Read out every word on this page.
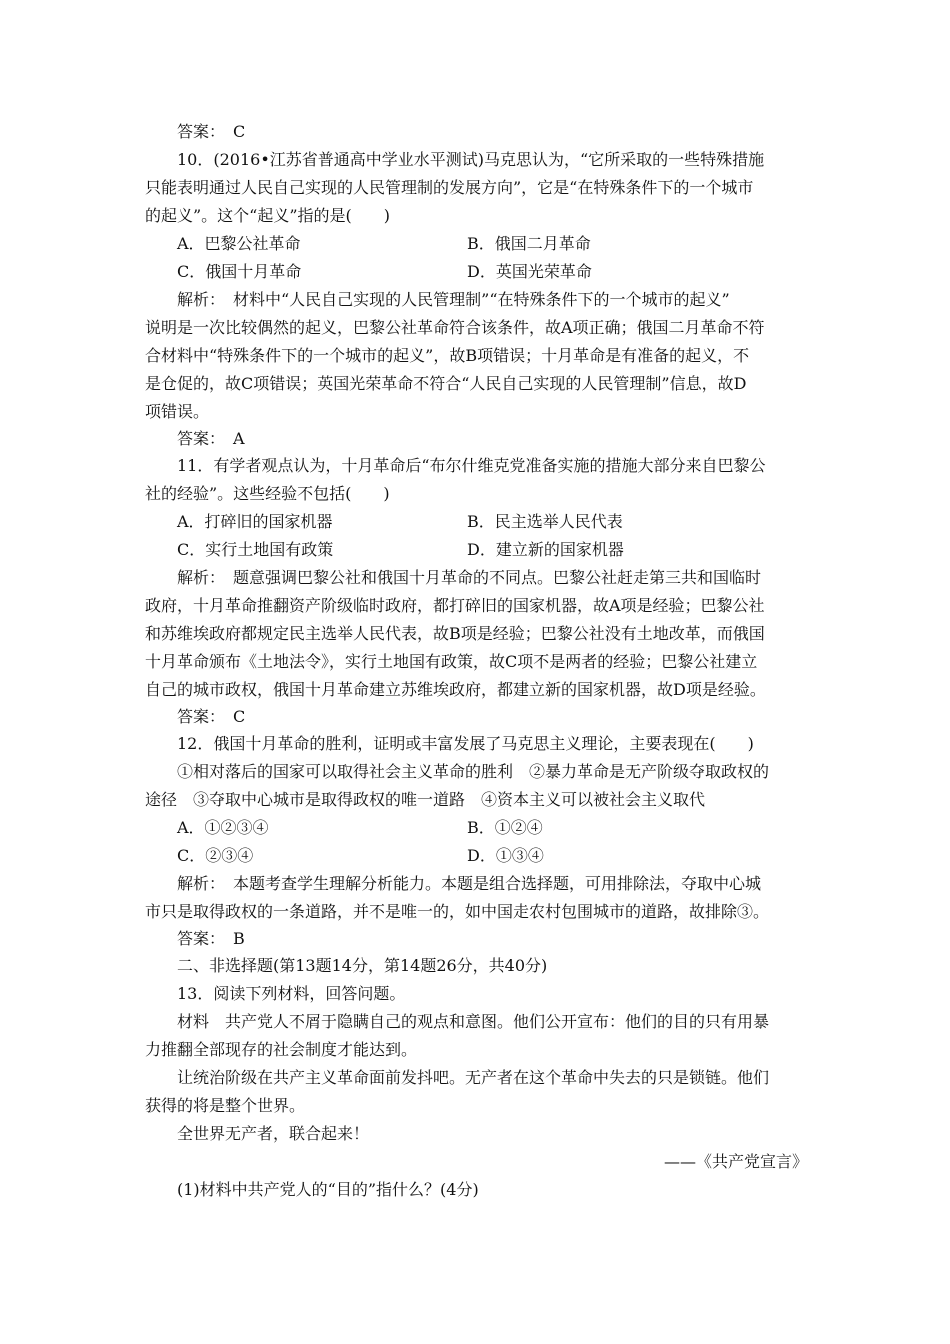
答案：　C
10．(2016•江苏省普通高中学业水平测试)马克思认为，“它所采取的一些特殊措施
只能表明通过人民自己实现的人民管理制的发展方向”，它是“在特殊条件下的一个城市
的起义”。这个“起义”指的是(　　)
A．巴黎公社革命	B．俄国二月革命
C．俄国十月革命	D．英国光荣革命
解析：　材料中“人民自己实现的人民管理制”“在特殊条件下的一个城市的起义”
说明是一次比较偶然的起义，巴黎公社革命符合该条件，故A项正确；俄国二月革命不符
合材料中“特殊条件下的一个城市的起义”，故B项错误；十月革命是有准备的起义，不
是仓促的，故C项错误；英国光荣革命不符合“人民自己实现的人民管理制”信息，故D
项错误。
答案：　A
11．有学者观点认为，十月革命后“布尔什维克党准备实施的措施大部分来自巴黎公
社的经验”。这些经验不包括(　　)
A．打碎旧的国家机器	B．民主选举人民代表
C．实行土地国有政策	D．建立新的国家机器
解析：　题意强调巴黎公社和俄国十月革命的不同点。巴黎公社赶走第三共和国临时
政府，十月革命推翻资产阶级临时政府，都打碎旧的国家机器，故A项是经验；巴黎公社
和苏维埃政府都规定民主选举人民代表，故B项是经验；巴黎公社没有土地改革，而俄国
十月革命颁布《土地法令》，实行土地国有政策，故C项不是两者的经验；巴黎公社建立
自己的城市政权，俄国十月革命建立苏维埃政府，都建立新的国家机器，故D项是经验。
答案：　C
12．俄国十月革命的胜利，证明或丰富发展了马克思主义理论，主要表现在(　　)
①相对落后的国家可以取得社会主义革命的胜利　②暴力革命是无产阶级夺取政权的
途径　③夺取中心城市是取得政权的唯一道路　④资本主义可以被社会主义取代
A．①②③④	B．①②④
C．②③④	D．①③④
解析：　本题考查学生理解分析能力。本题是组合选择题，可用排除法，夺取中心城
市只是取得政权的一条道路，并不是唯一的，如中国走农村包围城市的道路，故排除③。
答案：　B
二、非选择题(第13题14分，第14题26分，共40分)
13．阅读下列材料，回答问题。
材料　共产党人不屑于隐瞒自己的观点和意图。他们公开宣布：他们的目的只有用暴
力推翻全部现存的社会制度才能达到。
让统治阶级在共产主义革命面前发抖吧。无产者在这个革命中失去的只是锁链。他们
获得的将是整个世界。
全世界无产者，联合起来！
——《共产党宣言》
(1)材料中共产党人的“目的”指什么？(4分)
